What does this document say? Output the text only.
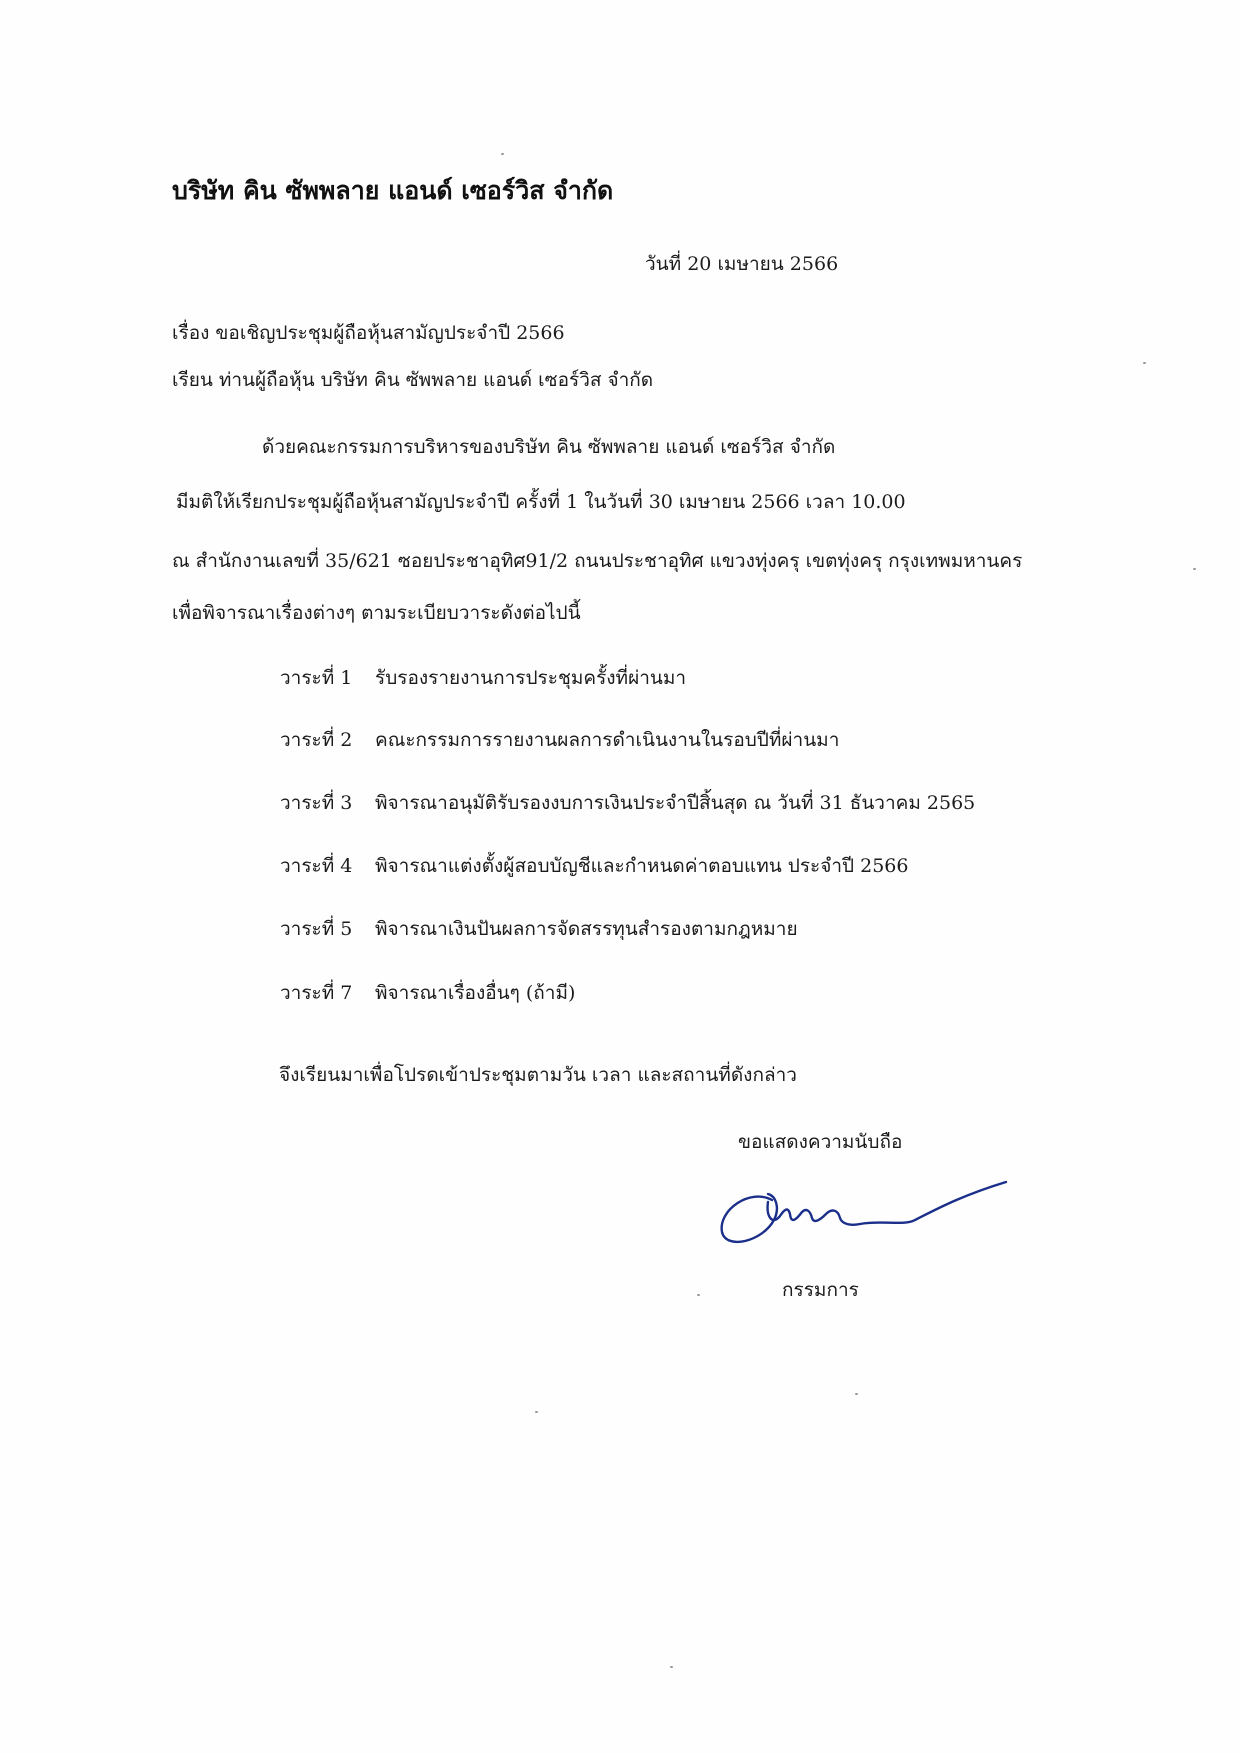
บริษัท คิน ซัพพลาย แอนด์ เซอร์วิส จำกัด
วันที่ 20 เมษายน 2566
เรื่อง ขอเชิญประชุมผู้ถือหุ้นสามัญประจำปี 2566
เรียน ท่านผู้ถือหุ้น บริษัท คิน ซัพพลาย แอนด์ เซอร์วิส จำกัด
ด้วยคณะกรรมการบริหารของบริษัท คิน ซัพพลาย แอนด์ เซอร์วิส จำกัด
มีมติให้เรียกประชุมผู้ถือหุ้นสามัญประจำปี ครั้งที่ 1 ในวันที่ 30 เมษายน 2566 เวลา 10.00
ณ สำนักงานเลขที่ 35/621 ซอยประชาอุทิศ91/2 ถนนประชาอุทิศ แขวงทุ่งครุ เขตทุ่งครุ กรุงเทพมหานคร
เพื่อพิจารณาเรื่องต่างๆ ตามระเบียบวาระดังต่อไปนี้
วาระที่ 1 รับรองรายงานการประชุมครั้งที่ผ่านมา
วาระที่ 2 คณะกรรมการรายงานผลการดำเนินงานในรอบปีที่ผ่านมา
วาระที่ 3 พิจารณาอนุมัติรับรองงบการเงินประจำปีสิ้นสุด ณ วันที่ 31 ธันวาคม 2565
วาระที่ 4 พิจารณาแต่งตั้งผู้สอบบัญชีและกำหนดค่าตอบแทน ประจำปี 2566
วาระที่ 5 พิจารณาเงินปันผลการจัดสรรทุนสำรองตามกฎหมาย
วาระที่ 7 พิจารณาเรื่องอื่นๆ (ถ้ามี)
จึงเรียนมาเพื่อโปรดเข้าประชุมตามวัน เวลา และสถานที่ดังกล่าว
ขอแสดงความนับถือ
กรรมการ
